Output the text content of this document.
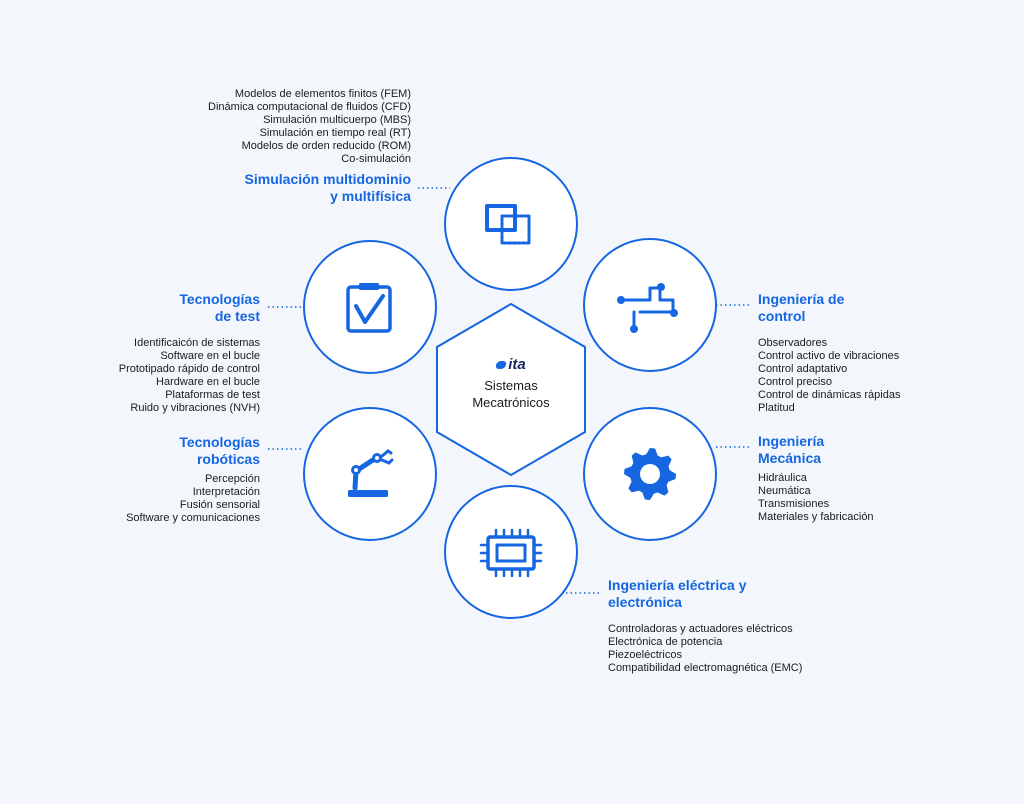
ita
Sistemas
Mecatrónicos
Modelos de elementos finitos (FEM)
Dinámica computacional de fluidos (CFD)
Simulación multicuerpo (MBS)
Simulación en tiempo real (RT)
Modelos de orden reducido (ROM)
Co-simulación
Simulación multidominio
y multifísica
Ingeniería de
control
Observadores
Control activo de vibraciones
Control adaptativo
Control preciso
Control de dinámicas rápidas
Platitud
Ingeniería
Mecánica
Hidráulica
Neumática
Transmisiones
Materiales y fabricación
Ingeniería eléctrica y
electrónica
Controladoras y actuadores eléctricos
Electrónica de potencia
Piezoeléctricos
Compatibilidad electromagnética (EMC)
Tecnologías
robóticas
Percepción
Interpretación
Fusión sensorial
Software y comunicaciones
Tecnologías
de test
Identificaicón de sistemas
Software en el bucle
Prototipado rápido de control
Hardware en el bucle
Plataformas de test
Ruido y vibraciones (NVH)
